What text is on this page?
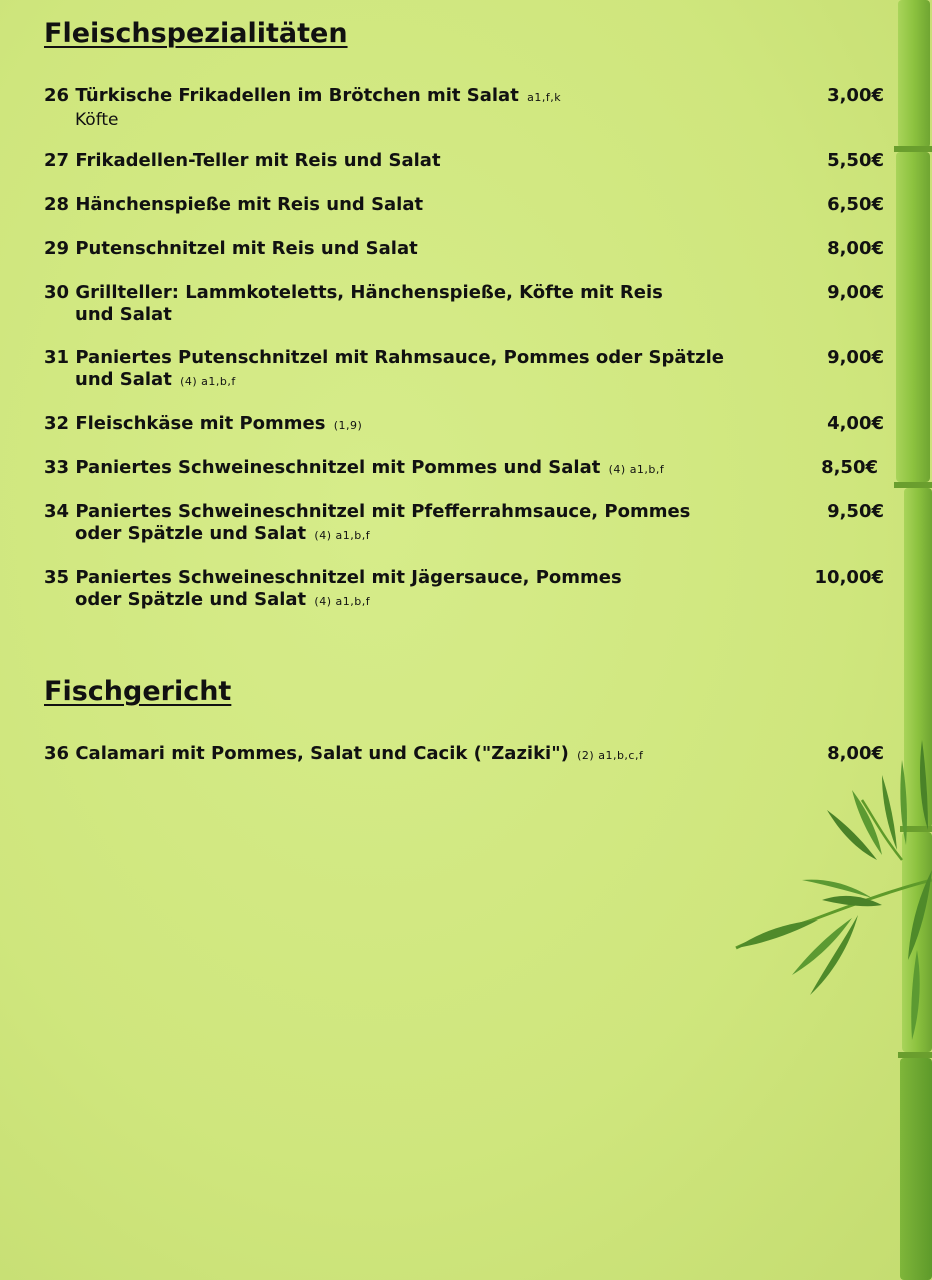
Fleischspezialitäten
26 Türkische Frikadellen im Brötchen mit Salat a1,f,k
Köfte
3,00€
27 Frikadellen-Teller mit Reis und Salat	5,50€
28 Hänchenspieße mit Reis und Salat	6,50€
29 Putenschnitzel mit Reis und Salat	8,00€
30 Grillteller: Lammkoteletts, Hänchenspieße, Köfte mit Reis
und Salat
9,00€
31 Paniertes Putenschnitzel mit Rahmsauce, Pommes oder Spätzle
und Salat (4) a1,b,f
9,00€
32 Fleischkäse mit Pommes (1,9)	4,00€
33 Paniertes Schweineschnitzel mit Pommes und Salat (4) a1,b,f	8,50€
34 Paniertes Schweineschnitzel mit Pfefferrahmsauce, Pommes
oder Spätzle und Salat (4) a1,b,f
9,50€
35 Paniertes Schweineschnitzel mit Jägersauce, Pommes
oder Spätzle und Salat (4) a1,b,f
10,00€
Fischgericht
36 Calamari mit Pommes, Salat und Cacik ("Zaziki") (2) a1,b,c,f	8,00€
